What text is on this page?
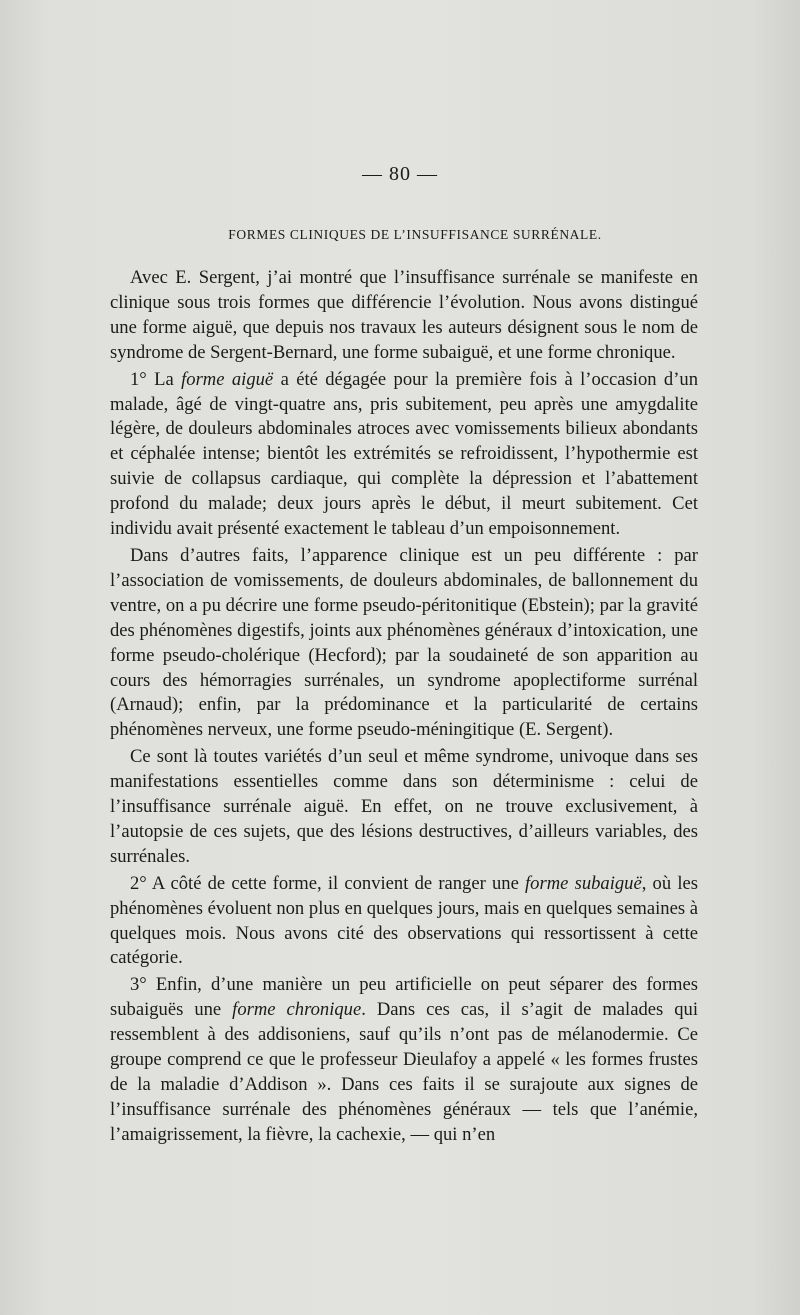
— 80 —
FORMES CLINIQUES DE L’INSUFFISANCE SURRÉNALE.

Avec E. Sergent, j’ai montré que l’insuffisance surrénale se manifeste en clinique sous trois formes que différencie l’évolution. Nous avons distingué une forme aiguë, que depuis nos travaux les auteurs désignent sous le nom de syndrome de Sergent-Bernard, une forme subaiguë, et une forme chronique.

1° La forme aiguë a été dégagée pour la première fois à l’occasion d’un malade, âgé de vingt-quatre ans, pris subitement, peu après une amygdalite légère, de douleurs abdominales atroces avec vomissements bilieux abondants et céphalée intense; bientôt les extrémités se refroidissent, l’hypothermie est suivie de collapsus cardiaque, qui complète la dépression et l’abattement profond du malade; deux jours après le début, il meurt subitement. Cet individu avait présenté exactement le tableau d’un empoisonnement.

Dans d’autres faits, l’apparence clinique est un peu différente : par l’association de vomissements, de douleurs abdominales, de ballonnement du ventre, on a pu décrire une forme pseudo-péritonitique (Ebstein); par la gravité des phénomènes digestifs, joints aux phénomènes généraux d’intoxication, une forme pseudo-cholérique (Hecford); par la soudaineté de son apparition au cours des hémorragies surrénales, un syndrome apoplectiforme surrénal (Arnaud); enfin, par la prédominance et la particularité de certains phénomènes nerveux, une forme pseudo-méningitique (E. Sergent).

Ce sont là toutes variétés d’un seul et même syndrome, univoque dans ses manifestations essentielles comme dans son déterminisme : celui de l’insuffisance surrénale aiguë. En effet, on ne trouve exclusivement, à l’autopsie de ces sujets, que des lésions destructives, d’ailleurs variables, des surrénales.

2° A côté de cette forme, il convient de ranger une forme subaiguë, où les phénomènes évoluent non plus en quelques jours, mais en quelques semaines à quelques mois. Nous avons cité des observations qui ressortissent à cette catégorie.

3° Enfin, d’une manière un peu artificielle on peut séparer des formes subaiguës une forme chronique. Dans ces cas, il s’agit de malades qui ressemblent à des addisoniens, sauf qu’ils n’ont pas de mélanodermie. Ce groupe comprend ce que le professeur Dieulafoy a appelé « les formes frustes de la maladie d’Addison ». Dans ces faits il se surajoute aux signes de l’insuffisance surrénale des phénomènes généraux — tels que l’anémie, l’amaigrissement, la fièvre, la cachexie, — qui n’en
